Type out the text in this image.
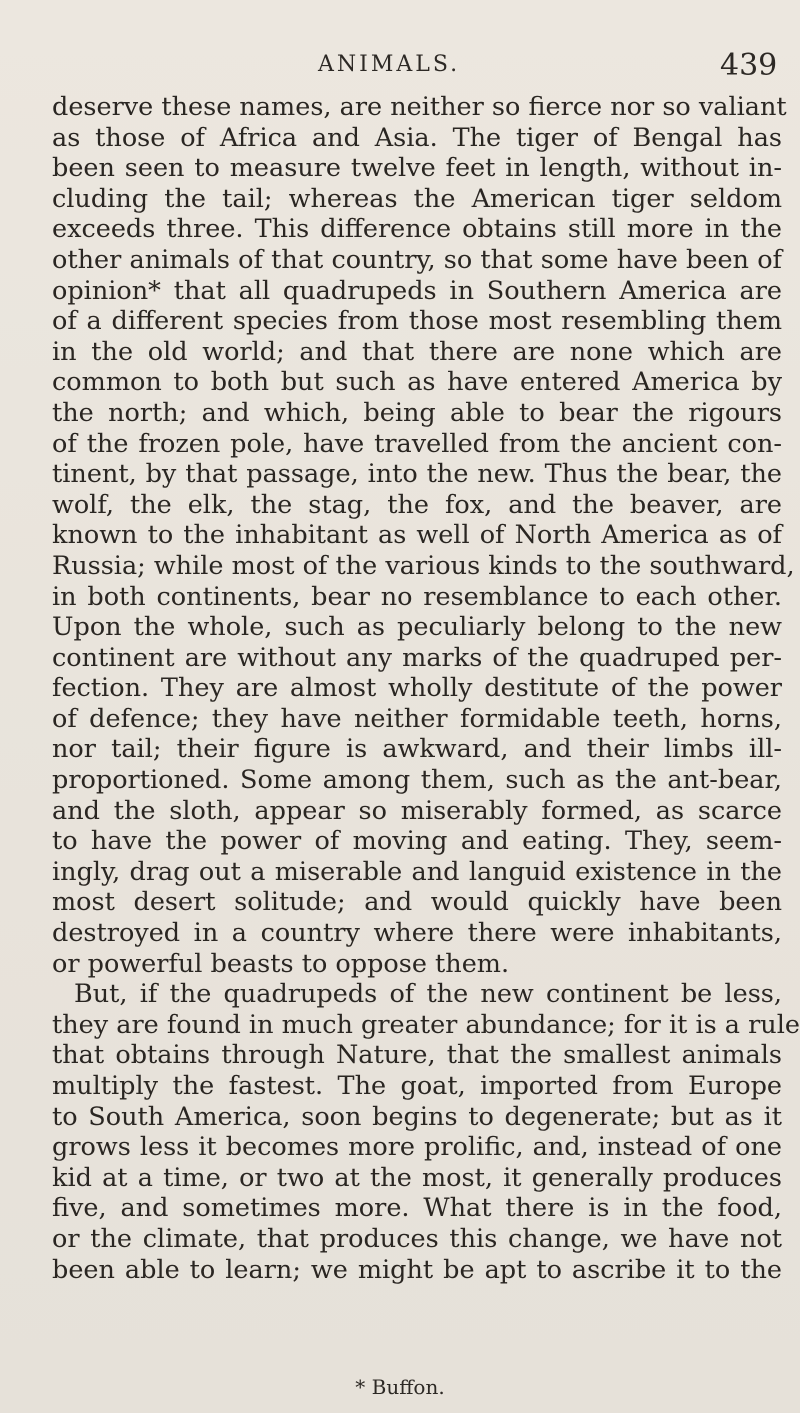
ANIMALS.	439
deserve these names, are neither so fierce nor so valiant
as those of Africa and Asia. The tiger of Bengal has
been seen to measure twelve feet in length, without in-
cluding the tail; whereas the American tiger seldom
exceeds three. This difference obtains still more in the
other animals of that country, so that some have been of
opinion* that all quadrupeds in Southern America are
of a different species from those most resembling them
in the old world; and that there are none which are
common to both but such as have entered America by
the north; and which, being able to bear the rigours
of the frozen pole, have travelled from the ancient con-
tinent, by that passage, into the new. Thus the bear, the
wolf, the elk, the stag, the fox, and the beaver, are
known to the inhabitant as well of North America as of
Russia; while most of the various kinds to the southward,
in both continents, bear no resemblance to each other.
Upon the whole, such as peculiarly belong to the new
continent are without any marks of the quadruped per-
fection. They are almost wholly destitute of the power
of defence; they have neither formidable teeth, horns,
nor tail; their figure is awkward, and their limbs ill-
proportioned. Some among them, such as the ant-bear,
and the sloth, appear so miserably formed, as scarce
to have the power of moving and eating. They, seem-
ingly, drag out a miserable and languid existence in the
most desert solitude; and would quickly have been
destroyed in a country where there were inhabitants,
or powerful beasts to oppose them.
But, if the quadrupeds of the new continent be less,
they are found in much greater abundance; for it is a rule
that obtains through Nature, that the smallest animals
multiply the fastest. The goat, imported from Europe
to South America, soon begins to degenerate; but as it
grows less it becomes more prolific, and, instead of one
kid at a time, or two at the most, it generally produces
five, and sometimes more. What there is in the food,
or the climate, that produces this change, we have not
been able to learn; we might be apt to ascribe it to the
* Buffon.
